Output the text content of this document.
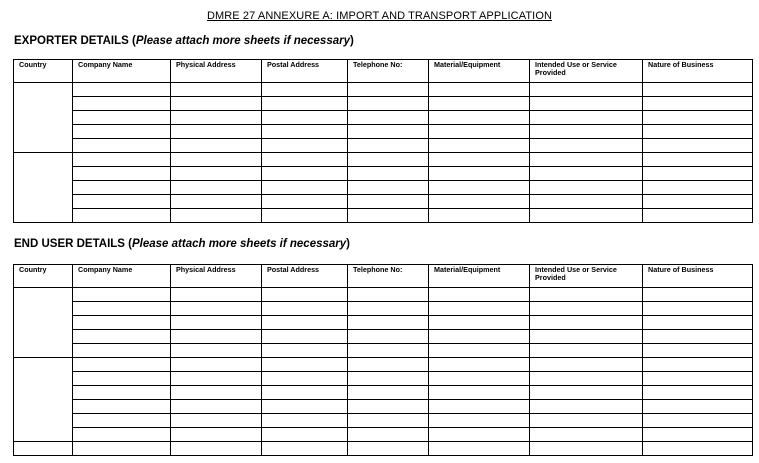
DMRE 27 ANNEXURE A: IMPORT AND TRANSPORT APPLICATION
EXPORTER DETAILS (Please attach more sheets if necessary)
Country	Company Name	Physical Address	Postal Address	Telephone No:	Material/Equipment	Intended Use or Service Provided	Nature of Business

END USER DETAILS (Please attach more sheets if necessary)
Country	Company Name	Physical Address	Postal Address	Telephone No:	Material/Equipment	Intended Use or Service Provided	Nature of Business
